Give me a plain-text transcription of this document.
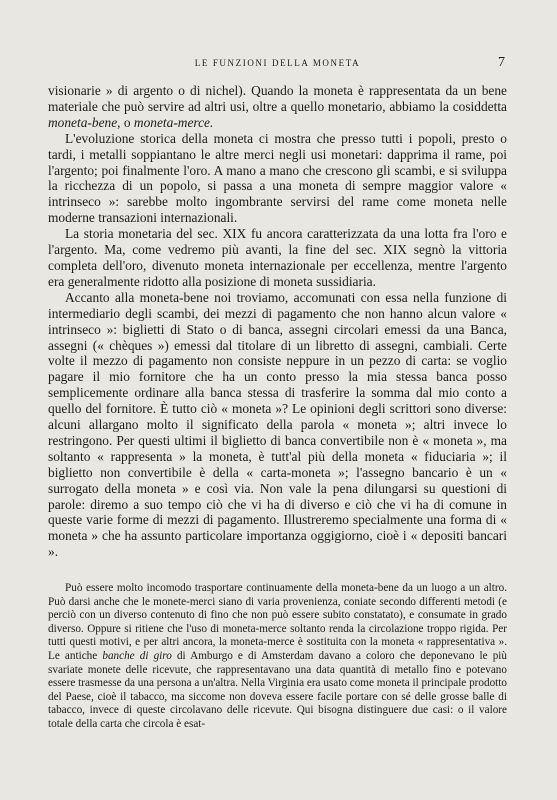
LE FUNZIONI DELLA MONETA	7

visionarie » di argento o di nichel). Quando la moneta è rappresentata da un bene materiale che può servire ad altri usi, oltre a quello monetario, abbiamo la cosiddetta moneta-bene, o moneta-merce.

L'evoluzione storica della moneta ci mostra che presso tutti i popoli, presto o tardi, i metalli soppiantano le altre merci negli usi monetari: dapprima il rame, poi l'argento; poi finalmente l'oro. A mano a mano che crescono gli scambi, e si sviluppa la ricchezza di un popolo, si passa a una moneta di sempre maggior valore « intrinseco »: sarebbe molto ingombrante servirsi del rame come moneta nelle moderne transazioni internazionali.

La storia monetaria del sec. XIX fu ancora caratterizzata da una lotta fra l'oro e l'argento. Ma, come vedremo più avanti, la fine del sec. XIX segnò la vittoria completa dell'oro, divenuto moneta internazionale per eccellenza, mentre l'argento era generalmente ridotto alla posizione di moneta sussidiaria.

Accanto alla moneta-bene noi troviamo, accomunati con essa nella funzione di intermediario degli scambi, dei mezzi di pagamento che non hanno alcun valore « intrinseco »: biglietti di Stato o di banca, assegni circolari emessi da una Banca, assegni (« chèques ») emessi dal titolare di un libretto di assegni, cambiali. Certe volte il mezzo di pagamento non consiste neppure in un pezzo di carta: se voglio pagare il mio fornitore che ha un conto presso la mia stessa banca posso semplicemente ordinare alla banca stessa di trasferire la somma dal mio conto a quello del fornitore. È tutto ciò « moneta »? Le opinioni degli scrittori sono diverse: alcuni allargano molto il significato della parola « moneta »; altri invece lo restringono. Per questi ultimi il biglietto di banca convertibile non è « moneta », ma soltanto « rappresenta » la moneta, è tutt'al più della moneta « fiduciaria »; il biglietto non convertibile è della « carta-moneta »; l'assegno bancario è un « surrogato della moneta » e così via. Non vale la pena dilungarsi su questioni di parole: diremo a suo tempo ciò che vi ha di diverso e ciò che vi ha di comune in queste varie forme di mezzi di pagamento. Illustreremo specialmente una forma di « moneta » che ha assunto particolare importanza oggigiorno, cioè i « depositi bancari ».

Può essere molto incomodo trasportare continuamente della moneta-bene da un luogo a un altro. Può darsi anche che le monete-merci siano di varia provenienza, coniate secondo differenti metodi (e perciò con un diverso contenuto di fino che non può essere subito constatato), e consumate in grado diverso. Oppure si ritiene che l'uso di moneta-merce soltanto renda la circolazione troppo rigida. Per tutti questi motivi, e per altri ancora, la moneta-merce è sostituita con la moneta « rappresentativa ». Le antiche banche di giro di Amburgo e di Amsterdam davano a coloro che deponevano le più svariate monete delle ricevute, che rappresentavano una data quantità di metallo fino e potevano essere trasmesse da una persona a un'altra. Nella Virginia era usato come moneta il principale prodotto del Paese, cioè il tabacco, ma siccome non doveva essere facile portare con sé delle grosse balle di tabacco, invece di queste circolavano delle ricevute. Qui bisogna distinguere due casi: o il valore totale della carta che circola è esat-
